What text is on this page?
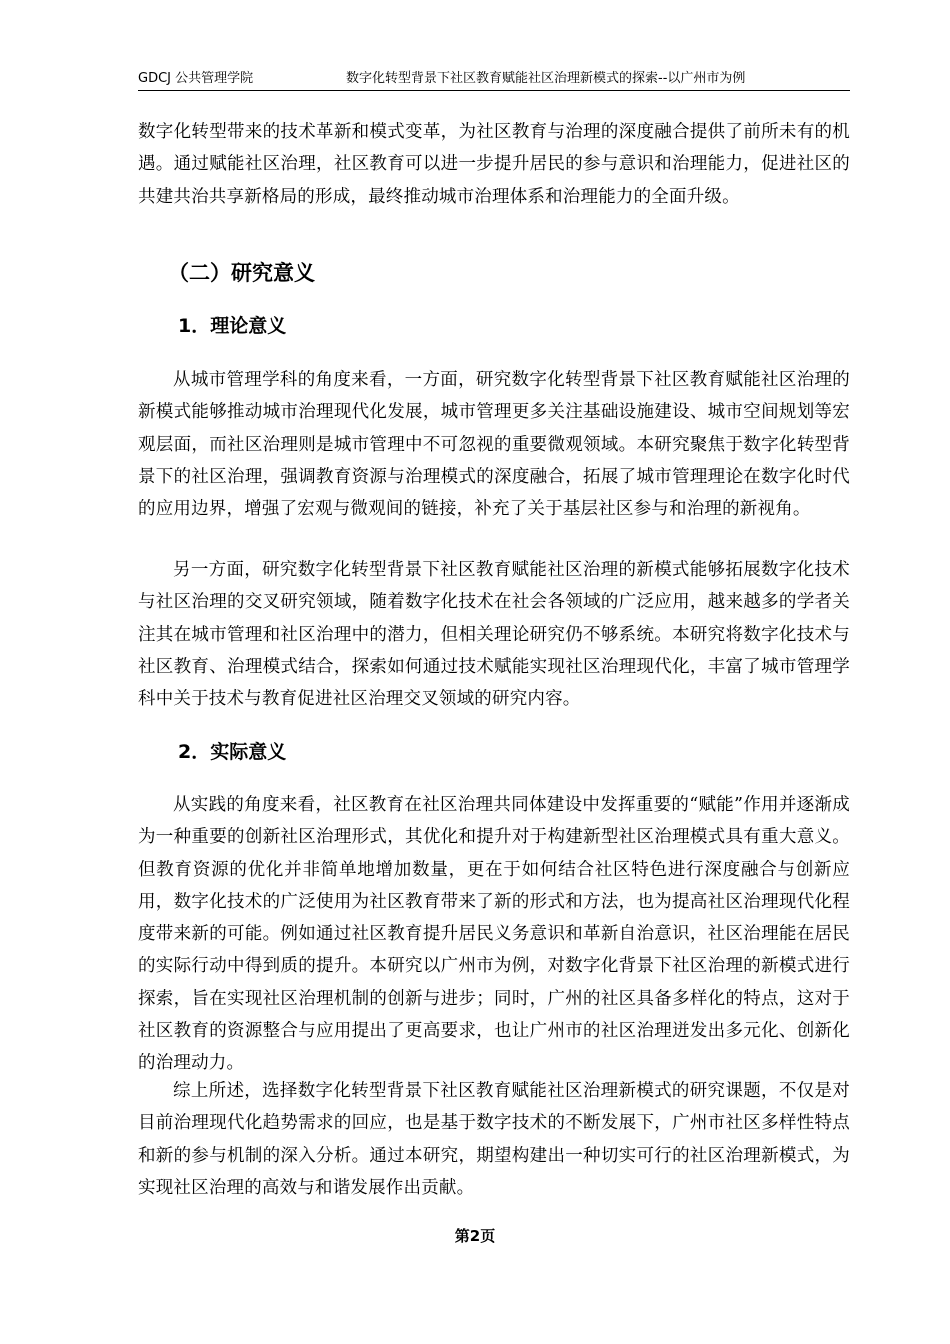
GDCJ 公共管理学院	数字化转型背景下社区教育赋能社区治理新模式的探索--以广州市为例

数字化转型带来的技术革新和模式变革，为社区教育与治理的深度融合提供了前所未有的机遇。通过赋能社区治理，社区教育可以进一步提升居民的参与意识和治理能力，促进社区的共建共治共享新格局的形成，最终推动城市治理体系和治理能力的全面升级。

（二）研究意义
1．理论意义

从城市管理学科的角度来看，一方面，研究数字化转型背景下社区教育赋能社区治理的新模式能够推动城市治理现代化发展，城市管理更多关注基础设施建设、城市空间规划等宏观层面，而社区治理则是城市管理中不可忽视的重要微观领域。本研究聚焦于数字化转型背景下的社区治理，强调教育资源与治理模式的深度融合，拓展了城市管理理论在数字化时代的应用边界，增强了宏观与微观间的链接，补充了关于基层社区参与和治理的新视角。

另一方面，研究数字化转型背景下社区教育赋能社区治理的新模式能够拓展数字化技术与社区治理的交叉研究领域，随着数字化技术在社会各领域的广泛应用，越来越多的学者关注其在城市管理和社区治理中的潜力，但相关理论研究仍不够系统。本研究将数字化技术与社区教育、治理模式结合，探索如何通过技术赋能实现社区治理现代化，丰富了城市管理学科中关于技术与教育促进社区治理交叉领域的研究内容。

2．实际意义

从实践的角度来看，社区教育在社区治理共同体建设中发挥重要的“赋能”作用并逐渐成为一种重要的创新社区治理形式，其优化和提升对于构建新型社区治理模式具有重大意义。但教育资源的优化并非简单地增加数量，更在于如何结合社区特色进行深度融合与创新应用，数字化技术的广泛使用为社区教育带来了新的形式和方法，也为提高社区治理现代化程度带来新的可能。例如通过社区教育提升居民义务意识和革新自治意识，社区治理能在居民的实际行动中得到质的提升。本研究以广州市为例，对数字化背景下社区治理的新模式进行探索，旨在实现社区治理机制的创新与进步；同时，广州的社区具备多样化的特点，这对于社区教育的资源整合与应用提出了更高要求，也让广州市的社区治理迸发出多元化、创新化的治理动力。

综上所述，选择数字化转型背景下社区教育赋能社区治理新模式的研究课题，不仅是对目前治理现代化趋势需求的回应，也是基于数字技术的不断发展下，广州市社区多样性特点和新的参与机制的深入分析。通过本研究，期望构建出一种切实可行的社区治理新模式，为实现社区治理的高效与和谐发展作出贡献。

第2页
